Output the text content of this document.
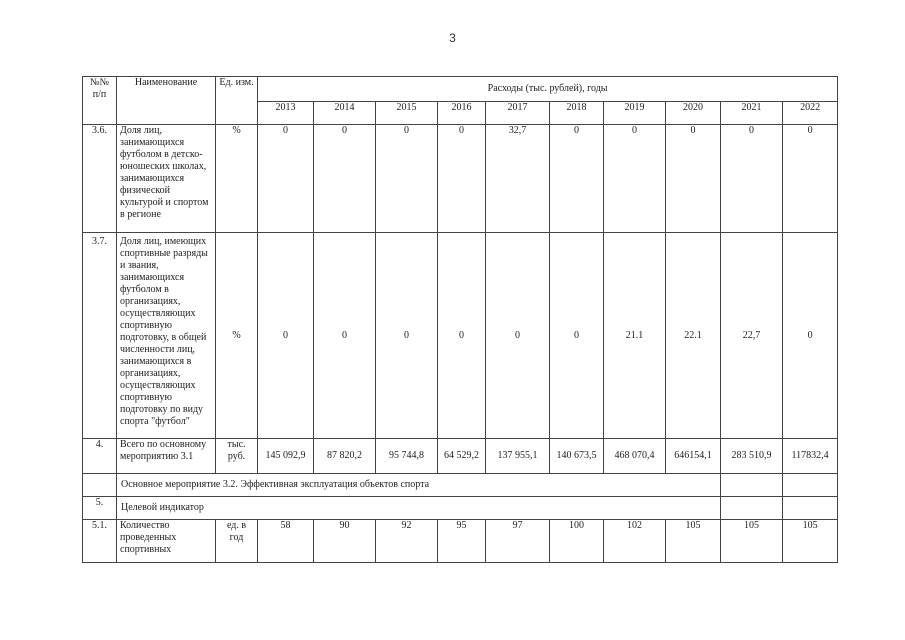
3
№№ п/п	Наименование	Ед. изм.	Расходы (тыс. рублей), годы									
			2013	2014	2015	2016	2017	2018	2019	2020	2021	2022
3.6.	Доля лиц, занимающихся футболом в детско-юношеских школах, занимающихся физической культурой и спортом в регионе	%	0	0	0	0	32,7	0	0	0	0	0
3.7.	Доля лиц, имеющих спортивные разряды и звания, занимающихся футболом в организациях, осуществляющих спортивную подготовку, в общей численности лиц, занимающихся в организациях, осуществляющих спортивную подготовку по виду спорта "футбол"	%	0	0	0	0	0	0	21.1	22.1	22,7	0
4.	Всего по основному мероприятию 3.1	тыс. руб.	145 092,9	87 820,2	95 744,8	64 529,2	137 955,1	140 673,5	468 070,4	646154,1	283 510,9	117832,4
	Основное мероприятие 3.2. Эффективная эксплуатация объектов спорта											
5.	Целевой индикатор											
5.1.	Количество проведенных спортивных	ед. в год	58	90	92	95	97	100	102	105	105	105
